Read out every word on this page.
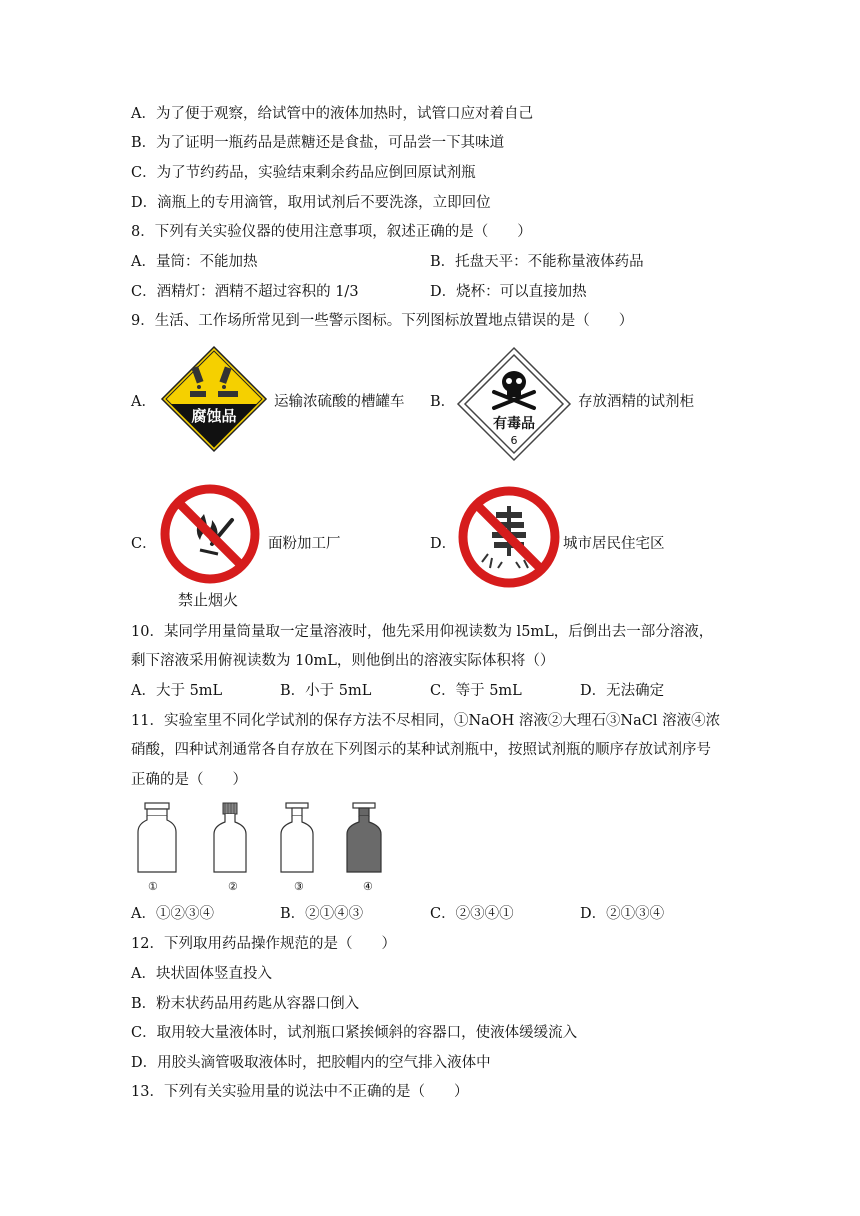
A．为了便于观察，给试管中的液体加热时，试管口应对着自己
B．为了证明一瓶药品是蔗糖还是食盐，可品尝一下其味道
C．为了节约药品，实验结束剩余药品应倒回原试剂瓶
D．滴瓶上的专用滴管，取用试剂后不要洗涤，立即回位
8．下列有关实验仪器的使用注意事项，叙述正确的是（　　）
A．量筒：不能加热	B．托盘天平：不能称量液体药品
C．酒精灯：酒精不超过容积的 1/3	D．烧杯：可以直接加热
9．生活、工作场所常见到一些警示图标。下列图标放置地点错误的是（　　）
A．
腐蚀品
运输浓硫酸的槽罐车 B．
有毒品
6
存放酒精的试剂柜
C．
禁止烟火
面粉加工厂	D．	城市居民住宅区
10．某同学用量筒量取一定量溶液时，他先采用仰视读数为 l5mL，后倒出去一部分溶液，
剩下溶液采用俯视读数为 10mL，则他倒出的溶液实际体积将（）
A．大于 5mL	B．小于 5mL	C．等于 5mL	D．无法确定
11．实验室里不同化学试剂的保存方法不尽相同，①NaOH 溶液②大理石③NaCl 溶液④浓
硝酸，四种试剂通常各自存放在下列图示的某种试剂瓶中，按照试剂瓶的顺序存放试剂序号
正确的是（　　）
①	②	③	④
A．①②③④	B．②①④③	C．②③④①	D．②①③④
12．下列取用药品操作规范的是（　　）
A．块状固体竖直投入
B．粉末状药品用药匙从容器口倒入
C．取用较大量液体时，试剂瓶口紧挨倾斜的容器口，使液体缓缓流入
D．用胶头滴管吸取液体时，把胶帽内的空气排入液体中
13．下列有关实验用量的说法中不正确的是（　　）
